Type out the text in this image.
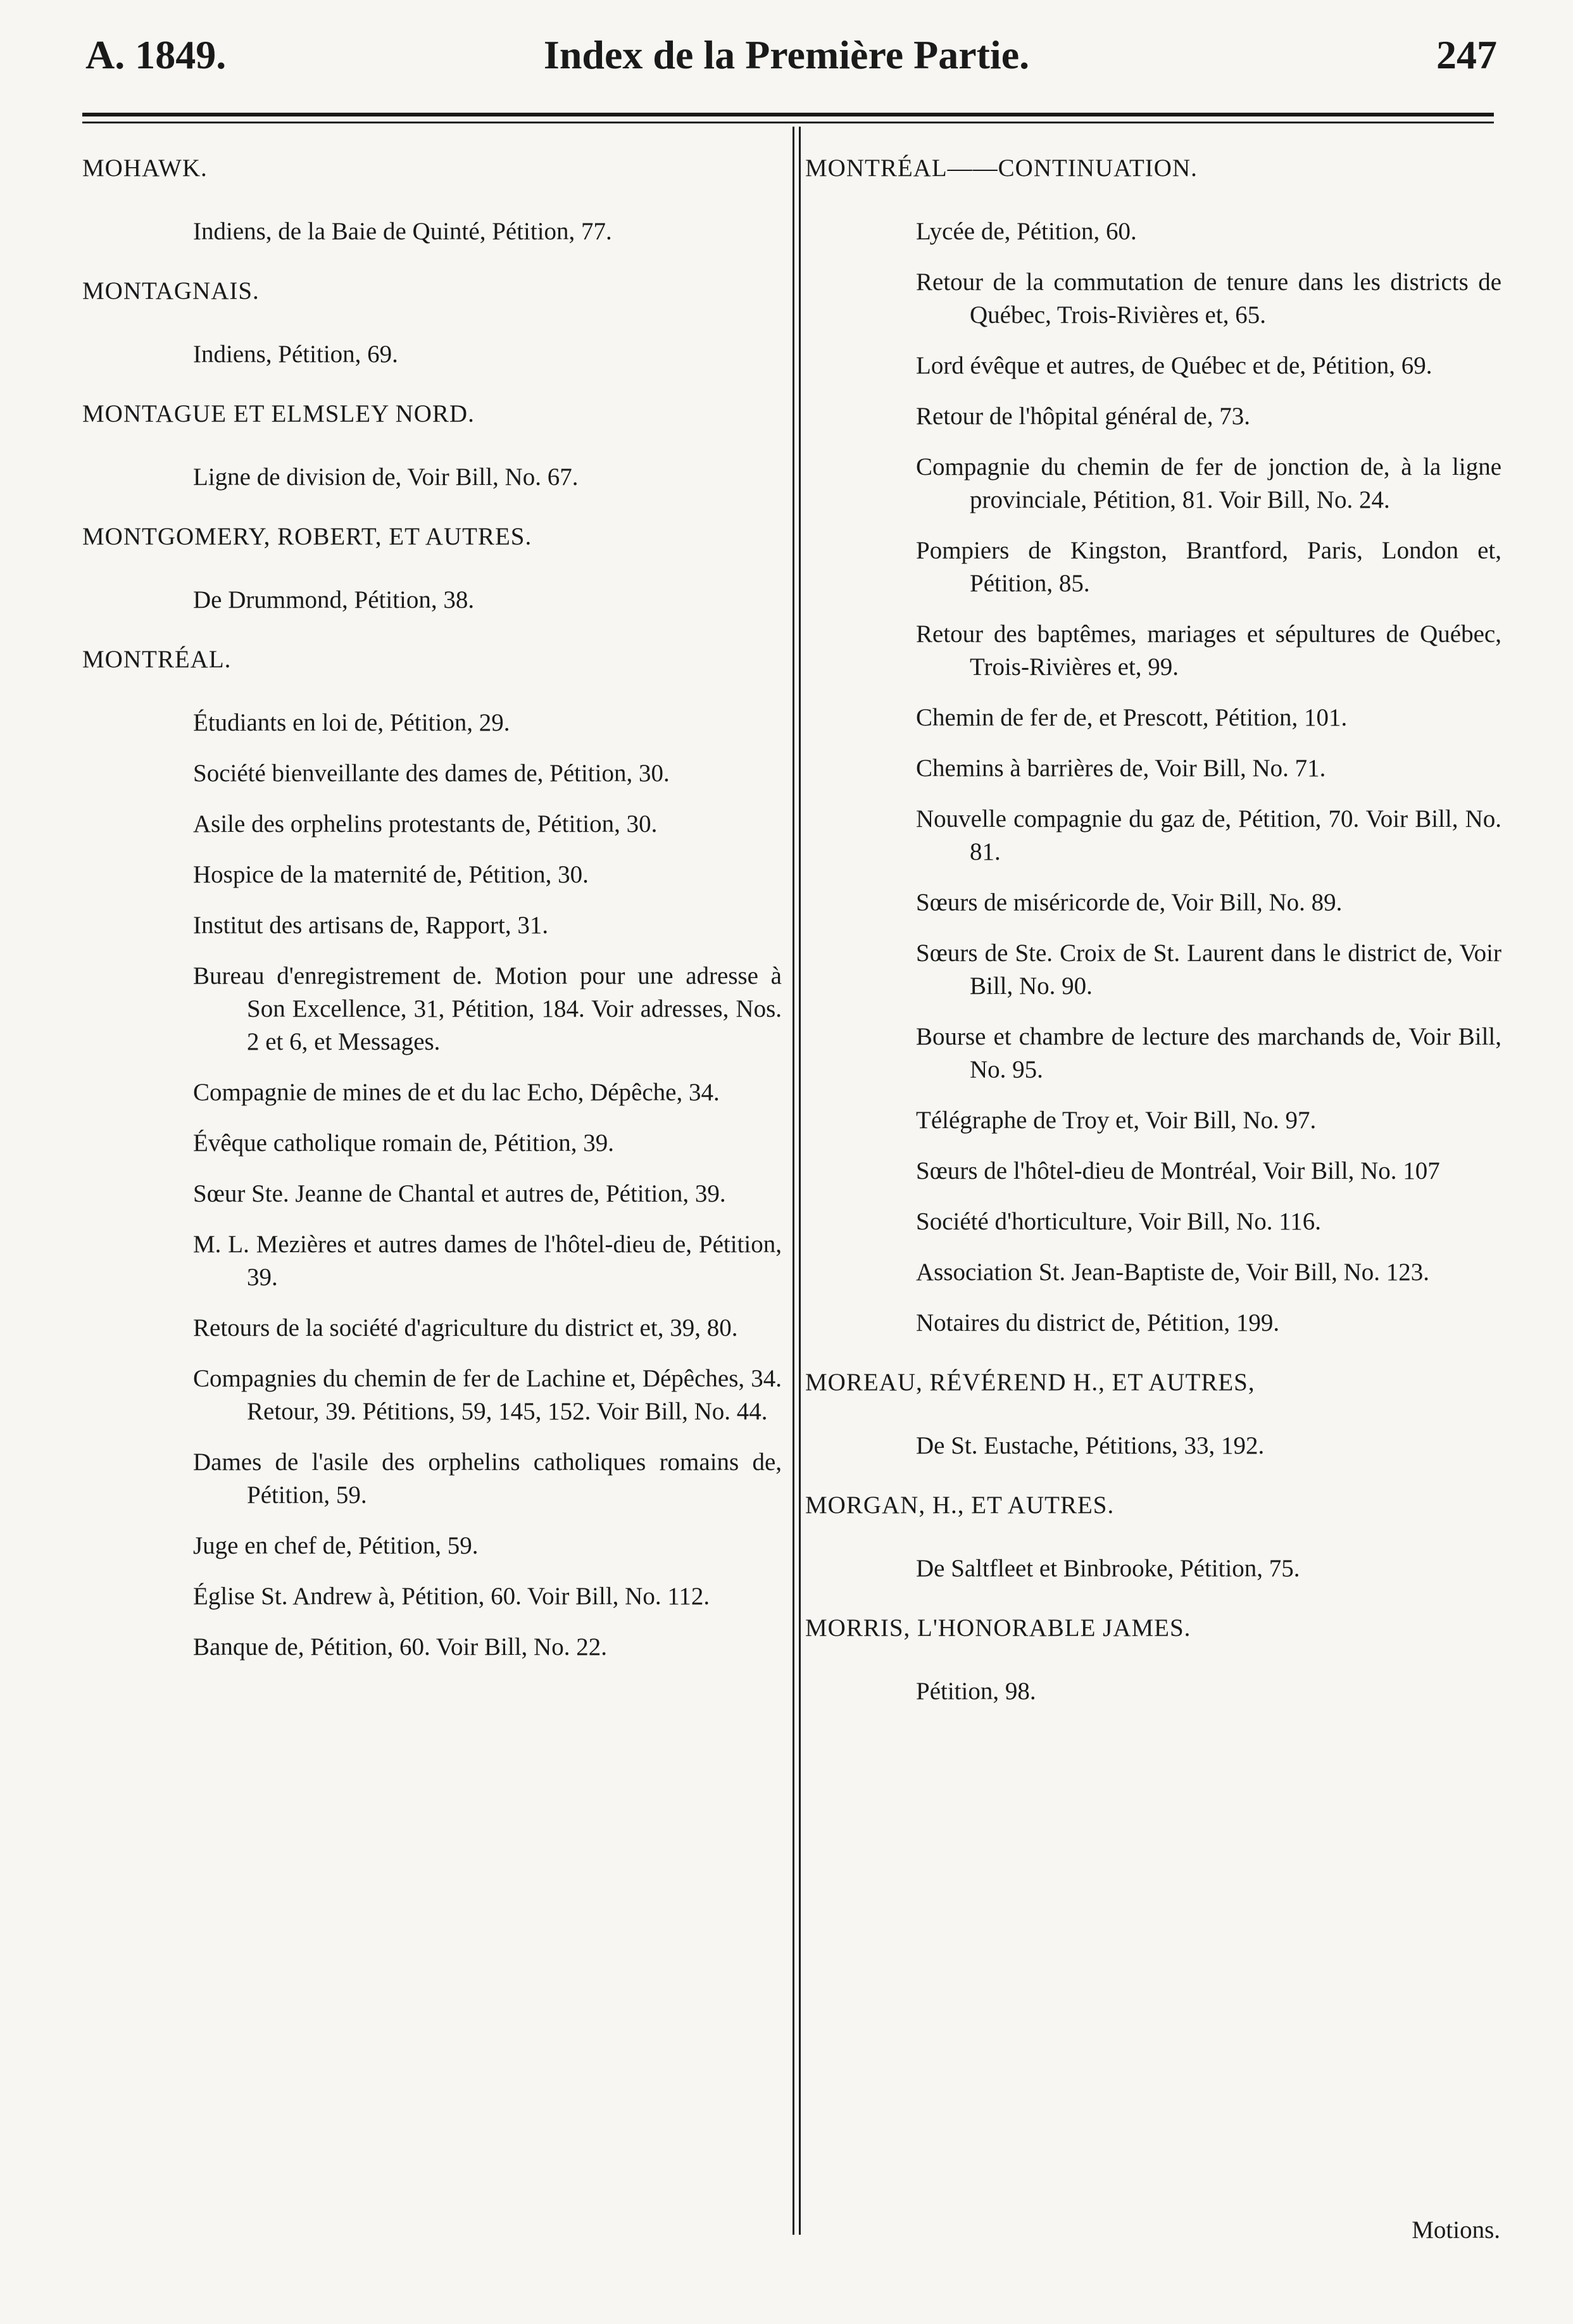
A. 1849.	Index de la Première Partie.	247
MOHAWK.
Indiens, de la Baie de Quinté, Pétition, 77.
MONTAGNAIS.
Indiens, Pétition, 69.
MONTAGUE ET ELMSLEY NORD.
Ligne de division de, Voir Bill, No. 67.
MONTGOMERY, ROBERT, ET AUTRES.
De Drummond, Pétition, 38.
MONTRÉAL.
Étudiants en loi de, Pétition, 29.
Société bienveillante des dames de, Pétition, 30.
Asile des orphelins protestants de, Pétition, 30.
Hospice de la maternité de, Pétition, 30.
Institut des artisans de, Rapport, 31.
Bureau d'enregistrement de. Motion pour une adresse à Son Excellence, 31, Pétition, 184. Voir adresses, Nos. 2 et 6, et Messages.
Compagnie de mines de et du lac Echo, Dépêche, 34.
Évêque catholique romain de, Pétition, 39.
Sœur Ste. Jeanne de Chantal et autres de, Pétition, 39.
M. L. Mezières et autres dames de l'hôtel-dieu de, Pétition, 39.
Retours de la société d'agriculture du district et, 39, 80.
Compagnies du chemin de fer de Lachine et, Dépêches, 34. Retour, 39. Pétitions, 59, 145, 152. Voir Bill, No. 44.
Dames de l'asile des orphelins catholiques romains de, Pétition, 59.
Juge en chef de, Pétition, 59.
Église St. Andrew à, Pétition, 60. Voir Bill, No. 112.
Banque de, Pétition, 60. Voir Bill, No. 22.
MONTRÉAL——CONTINUATION.
Lycée de, Pétition, 60.
Retour de la commutation de tenure dans les districts de Québec, Trois-Rivières et, 65.
Lord évêque et autres, de Québec et de, Pétition, 69.
Retour de l'hôpital général de, 73.
Compagnie du chemin de fer de jonction de, à la ligne provinciale, Pétition, 81. Voir Bill, No. 24.
Pompiers de Kingston, Brantford, Paris, London et, Pétition, 85.
Retour des baptêmes, mariages et sépultures de Québec, Trois-Rivières et, 99.
Chemin de fer de, et Prescott, Pétition, 101.
Chemins à barrières de, Voir Bill, No. 71.
Nouvelle compagnie du gaz de, Pétition, 70. Voir Bill, No. 81.
Sœurs de miséricorde de, Voir Bill, No. 89.
Sœurs de Ste. Croix de St. Laurent dans le district de, Voir Bill, No. 90.
Bourse et chambre de lecture des marchands de, Voir Bill, No. 95.
Télégraphe de Troy et, Voir Bill, No. 97.
Sœurs de l'hôtel-dieu de Montréal, Voir Bill, No. 107
Société d'horticulture, Voir Bill, No. 116.
Association St. Jean-Baptiste de, Voir Bill, No. 123.
Notaires du district de, Pétition, 199.
MOREAU, RÉVÉREND H., ET AUTRES,
De St. Eustache, Pétitions, 33, 192.
MORGAN, H., ET AUTRES.
De Saltfleet et Binbrooke, Pétition, 75.
MORRIS, L'HONORABLE JAMES.
Pétition, 98.
Motions.
